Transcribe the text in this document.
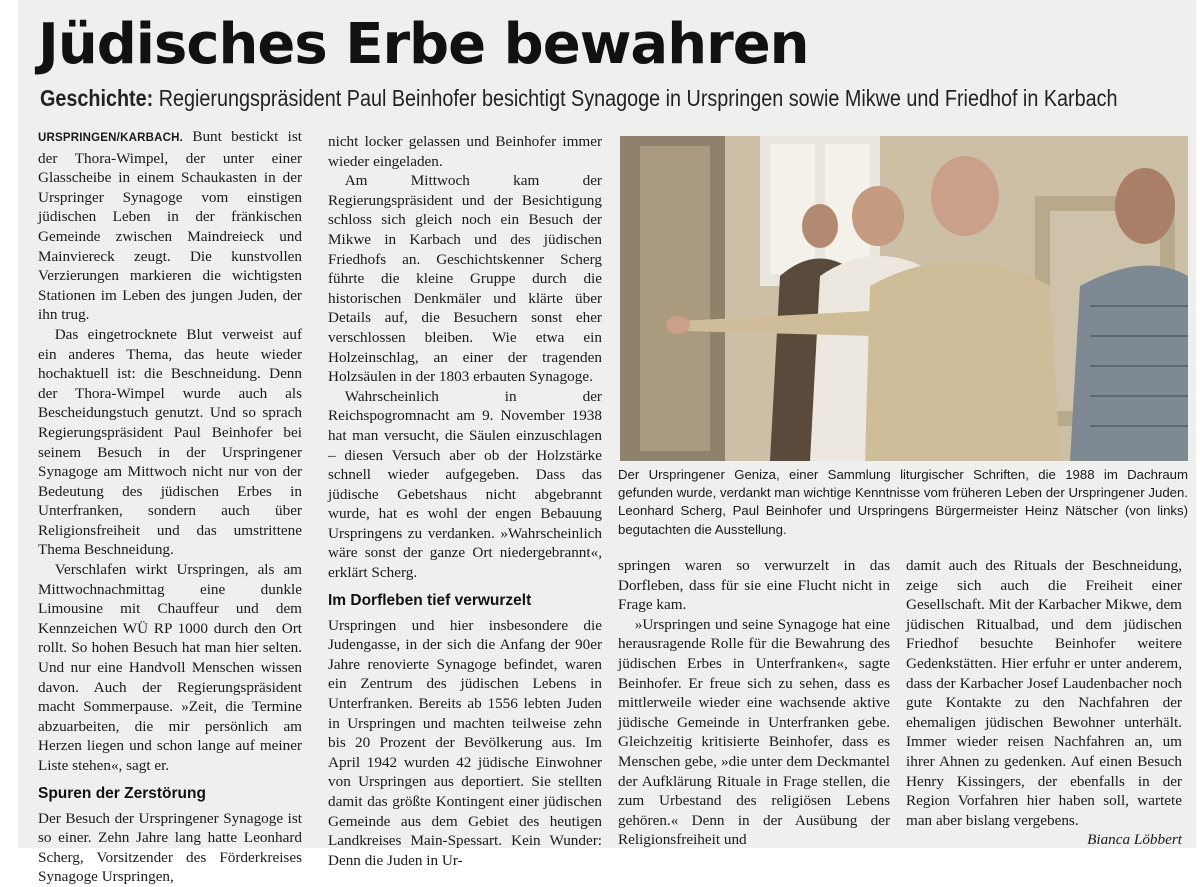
Jüdisches Erbe bewahren
Geschichte: Regierungspräsident Paul Beinhofer besichtigt Synagoge in Urspringen sowie Mikwe und Friedhof in Karbach

URSPRINGEN/KARBACH. Bunt bestickt ist der Thora-Wimpel, der unter einer Glasscheibe in einem Schaukasten in der Urspringer Synagoge vom einstigen jüdischen Leben in der fränkischen Gemeinde zwischen Maindreieck und Mainviereck zeugt. Die kunstvollen Verzierungen markieren die wichtigsten Stationen im Leben des jungen Juden, der ihn trug.

Das eingetrocknete Blut verweist auf ein anderes Thema, das heute wieder hochaktuell ist: die Beschneidung. Denn der Thora-Wimpel wurde auch als Bescheidungstuch genutzt. Und so sprach Regierungspräsident Paul Beinhofer bei seinem Besuch in der Urspringener Synagoge am Mittwoch nicht nur von der Bedeutung des jüdischen Erbes in Unterfranken, sondern auch über Religionsfreiheit und das umstrittene Thema Beschneidung.

Verschlafen wirkt Urspringen, als am Mittwochnachmittag eine dunkle Limousine mit Chauffeur und dem Kennzeichen WÜ RP 1000 durch den Ort rollt. So hohen Besuch hat man hier selten. Und nur eine Handvoll Menschen wissen davon. Auch der Regierungspräsident macht Sommerpause. »Zeit, die Termine abzuarbeiten, die mir persönlich am Herzen liegen und schon lange auf meiner Liste stehen«, sagt er.

Spuren der Zerstörung

Der Besuch der Urspringener Synagoge ist so einer. Zehn Jahre lang hatte Leonhard Scherg, Vorsitzender des Förderkreises Synagoge Urspringen,

nicht locker gelassen und Beinhofer immer wieder eingeladen.

Am Mittwoch kam der Regierungspräsident und der Besichtigung schloss sich gleich noch ein Besuch der Mikwe in Karbach und des jüdischen Friedhofs an. Geschichtskenner Scherg führte die kleine Gruppe durch die historischen Denkmäler und klärte über Details auf, die Besuchern sonst eher verschlossen bleiben. Wie etwa ein Holzeinschlag, an einer der tragenden Holzsäulen in der 1803 erbauten Synagoge.

Wahrscheinlich in der Reichspogromnacht am 9. November 1938 hat man versucht, die Säulen einzuschlagen – diesen Versuch aber ob der Holzstärke schnell wieder aufgegeben. Dass das jüdische Gebetshaus nicht abgebrannt wurde, hat es wohl der engen Bebauung Urspringens zu verdanken. »Wahrscheinlich wäre sonst der ganze Ort niedergebrannt«, erklärt Scherg.

Im Dorfleben tief verwurzelt

Urspringen und hier insbesondere die Judengasse, in der sich die Anfang der 90er Jahre renovierte Synagoge befindet, waren ein Zentrum des jüdischen Lebens in Unterfranken. Bereits ab 1556 lebten Juden in Urspringen und machten teilweise zehn bis 20 Prozent der Bevölkerung aus. Im April 1942 wurden 42 jüdische Einwohner von Urspringen aus deportiert. Sie stellten damit das größte Kontingent einer jüdischen Gemeinde aus dem Gebiet des heutigen Landkreises Main-Spessart. Kein Wunder: Denn die Juden in Ur-

Der Urspringener Geniza, einer Sammlung liturgischer Schriften, die 1988 im Dachraum gefunden wurde, verdankt man wichtige Kenntnisse vom früheren Leben der Urspringener Juden. Leonhard Scherg, Paul Beinhofer und Urspringens Bürgermeister Heinz Nätscher (von links) begutachten die Ausstellung.

springen waren so verwurzelt in das Dorfleben, dass für sie eine Flucht nicht in Frage kam.

»Urspringen und seine Synagoge hat eine herausragende Rolle für die Bewahrung des jüdischen Erbes in Unterfranken«, sagte Beinhofer. Er freue sich zu sehen, dass es mittlerweile wieder eine wachsende aktive jüdische Gemeinde in Unterfranken gebe. Gleichzeitig kritisierte Beinhofer, dass es Menschen gebe, »die unter dem Deckmantel der Aufklärung Rituale in Frage stellen, die zum Urbestand des religiösen Lebens gehören.« Denn in der Ausübung der Religionsfreiheit und

damit auch des Rituals der Beschneidung, zeige sich auch die Freiheit einer Gesellschaft. Mit der Karbacher Mikwe, dem jüdischen Ritualbad, und dem jüdischen Friedhof besuchte Beinhofer weitere Gedenkstätten. Hier erfuhr er unter anderem, dass der Karbacher Josef Laudenbacher noch gute Kontakte zu den Nachfahren der ehemaligen jüdischen Bewohner unterhält. Immer wieder reisen Nachfahren an, um ihrer Ahnen zu gedenken. Auf einen Besuch Henry Kissingers, der ebenfalls in der Region Vorfahren hier haben soll, wartete man aber bislang vergebens.

Bianca Löbbert
